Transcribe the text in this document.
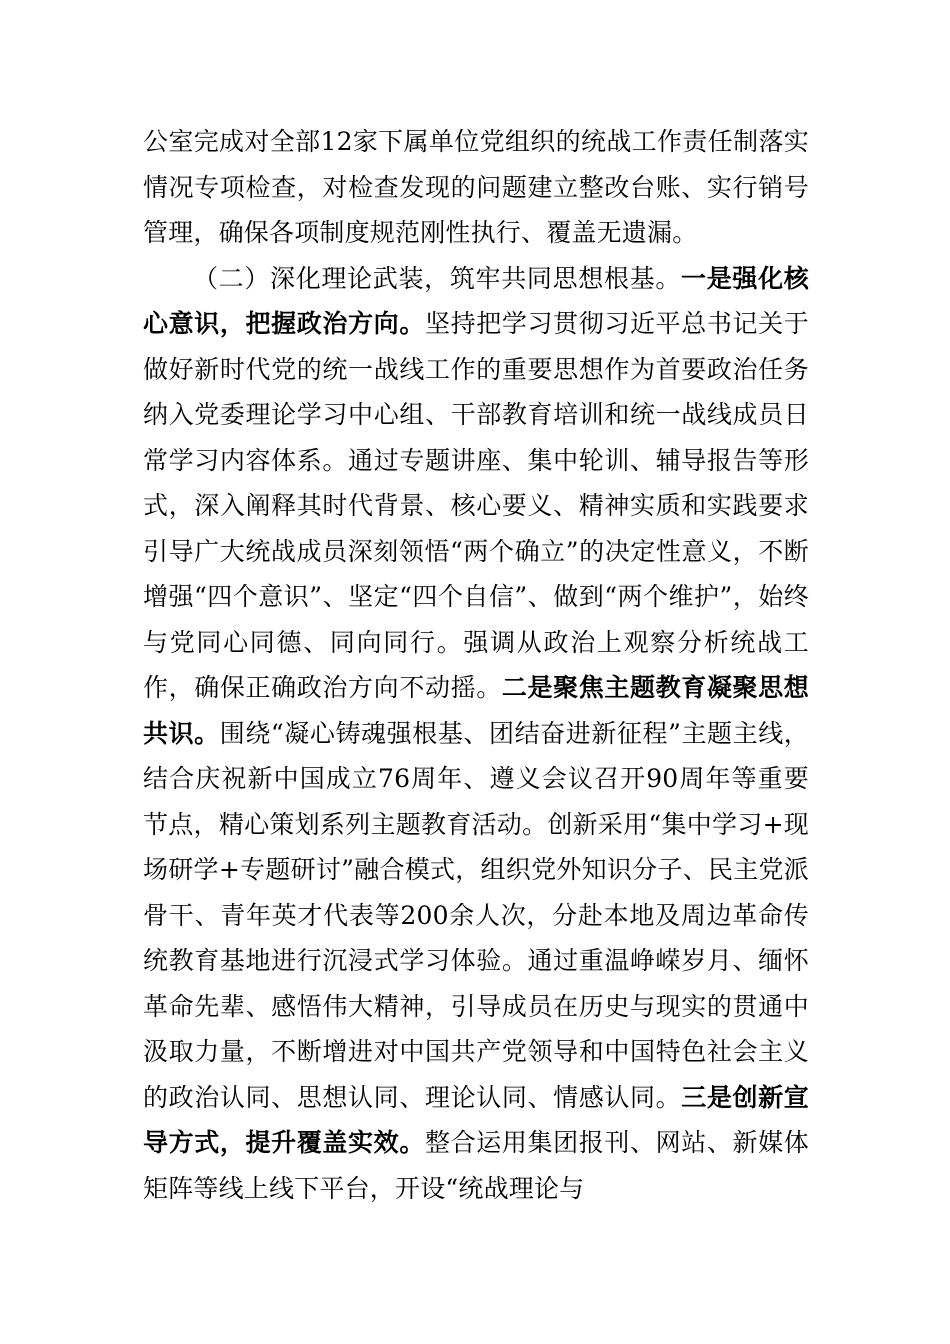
公室完成对全部12家下属单位党组织的统战工作责任制落实情况专项检查，对检查发现的问题建立整改台账、实行销号管理，确保各项制度规范刚性执行、覆盖无遗漏。

（二）深化理论武装，筑牢共同思想根基。一是强化核心意识，把握政治方向。坚持把学习贯彻习近平总书记关于做好新时代党的统一战线工作的重要思想作为首要政治任务纳入党委理论学习中心组、干部教育培训和统一战线成员日常学习内容体系。通过专题讲座、集中轮训、辅导报告等形式，深入阐释其时代背景、核心要义、精神实质和实践要求引导广大统战成员深刻领悟“两个确立”的决定性意义，不断增强“四个意识”、坚定“四个自信”、做到“两个维护”，始终与党同心同德、同向同行。强调从政治上观察分析统战工作，确保正确政治方向不动摇。二是聚焦主题教育凝聚思想共识。围绕“凝心铸魂强根基、团结奋进新征程”主题主线，结合庆祝新中国成立76周年、遵义会议召开90周年等重要节点，精心策划系列主题教育活动。创新采用“集中学习+现场研学+专题研讨”融合模式，组织党外知识分子、民主党派骨干、青年英才代表等200余人次，分赴本地及周边革命传统教育基地进行沉浸式学习体验。通过重温峥嵘岁月、缅怀革命先辈、感悟伟大精神，引导成员在历史与现实的贯通中汲取力量，不断增进对中国共产党领导和中国特色社会主义的政治认同、思想认同、理论认同、情感认同。三是创新宣导方式，提升覆盖实效。整合运用集团报刊、网站、新媒体矩阵等线上线下平台，开设“统战理论与
